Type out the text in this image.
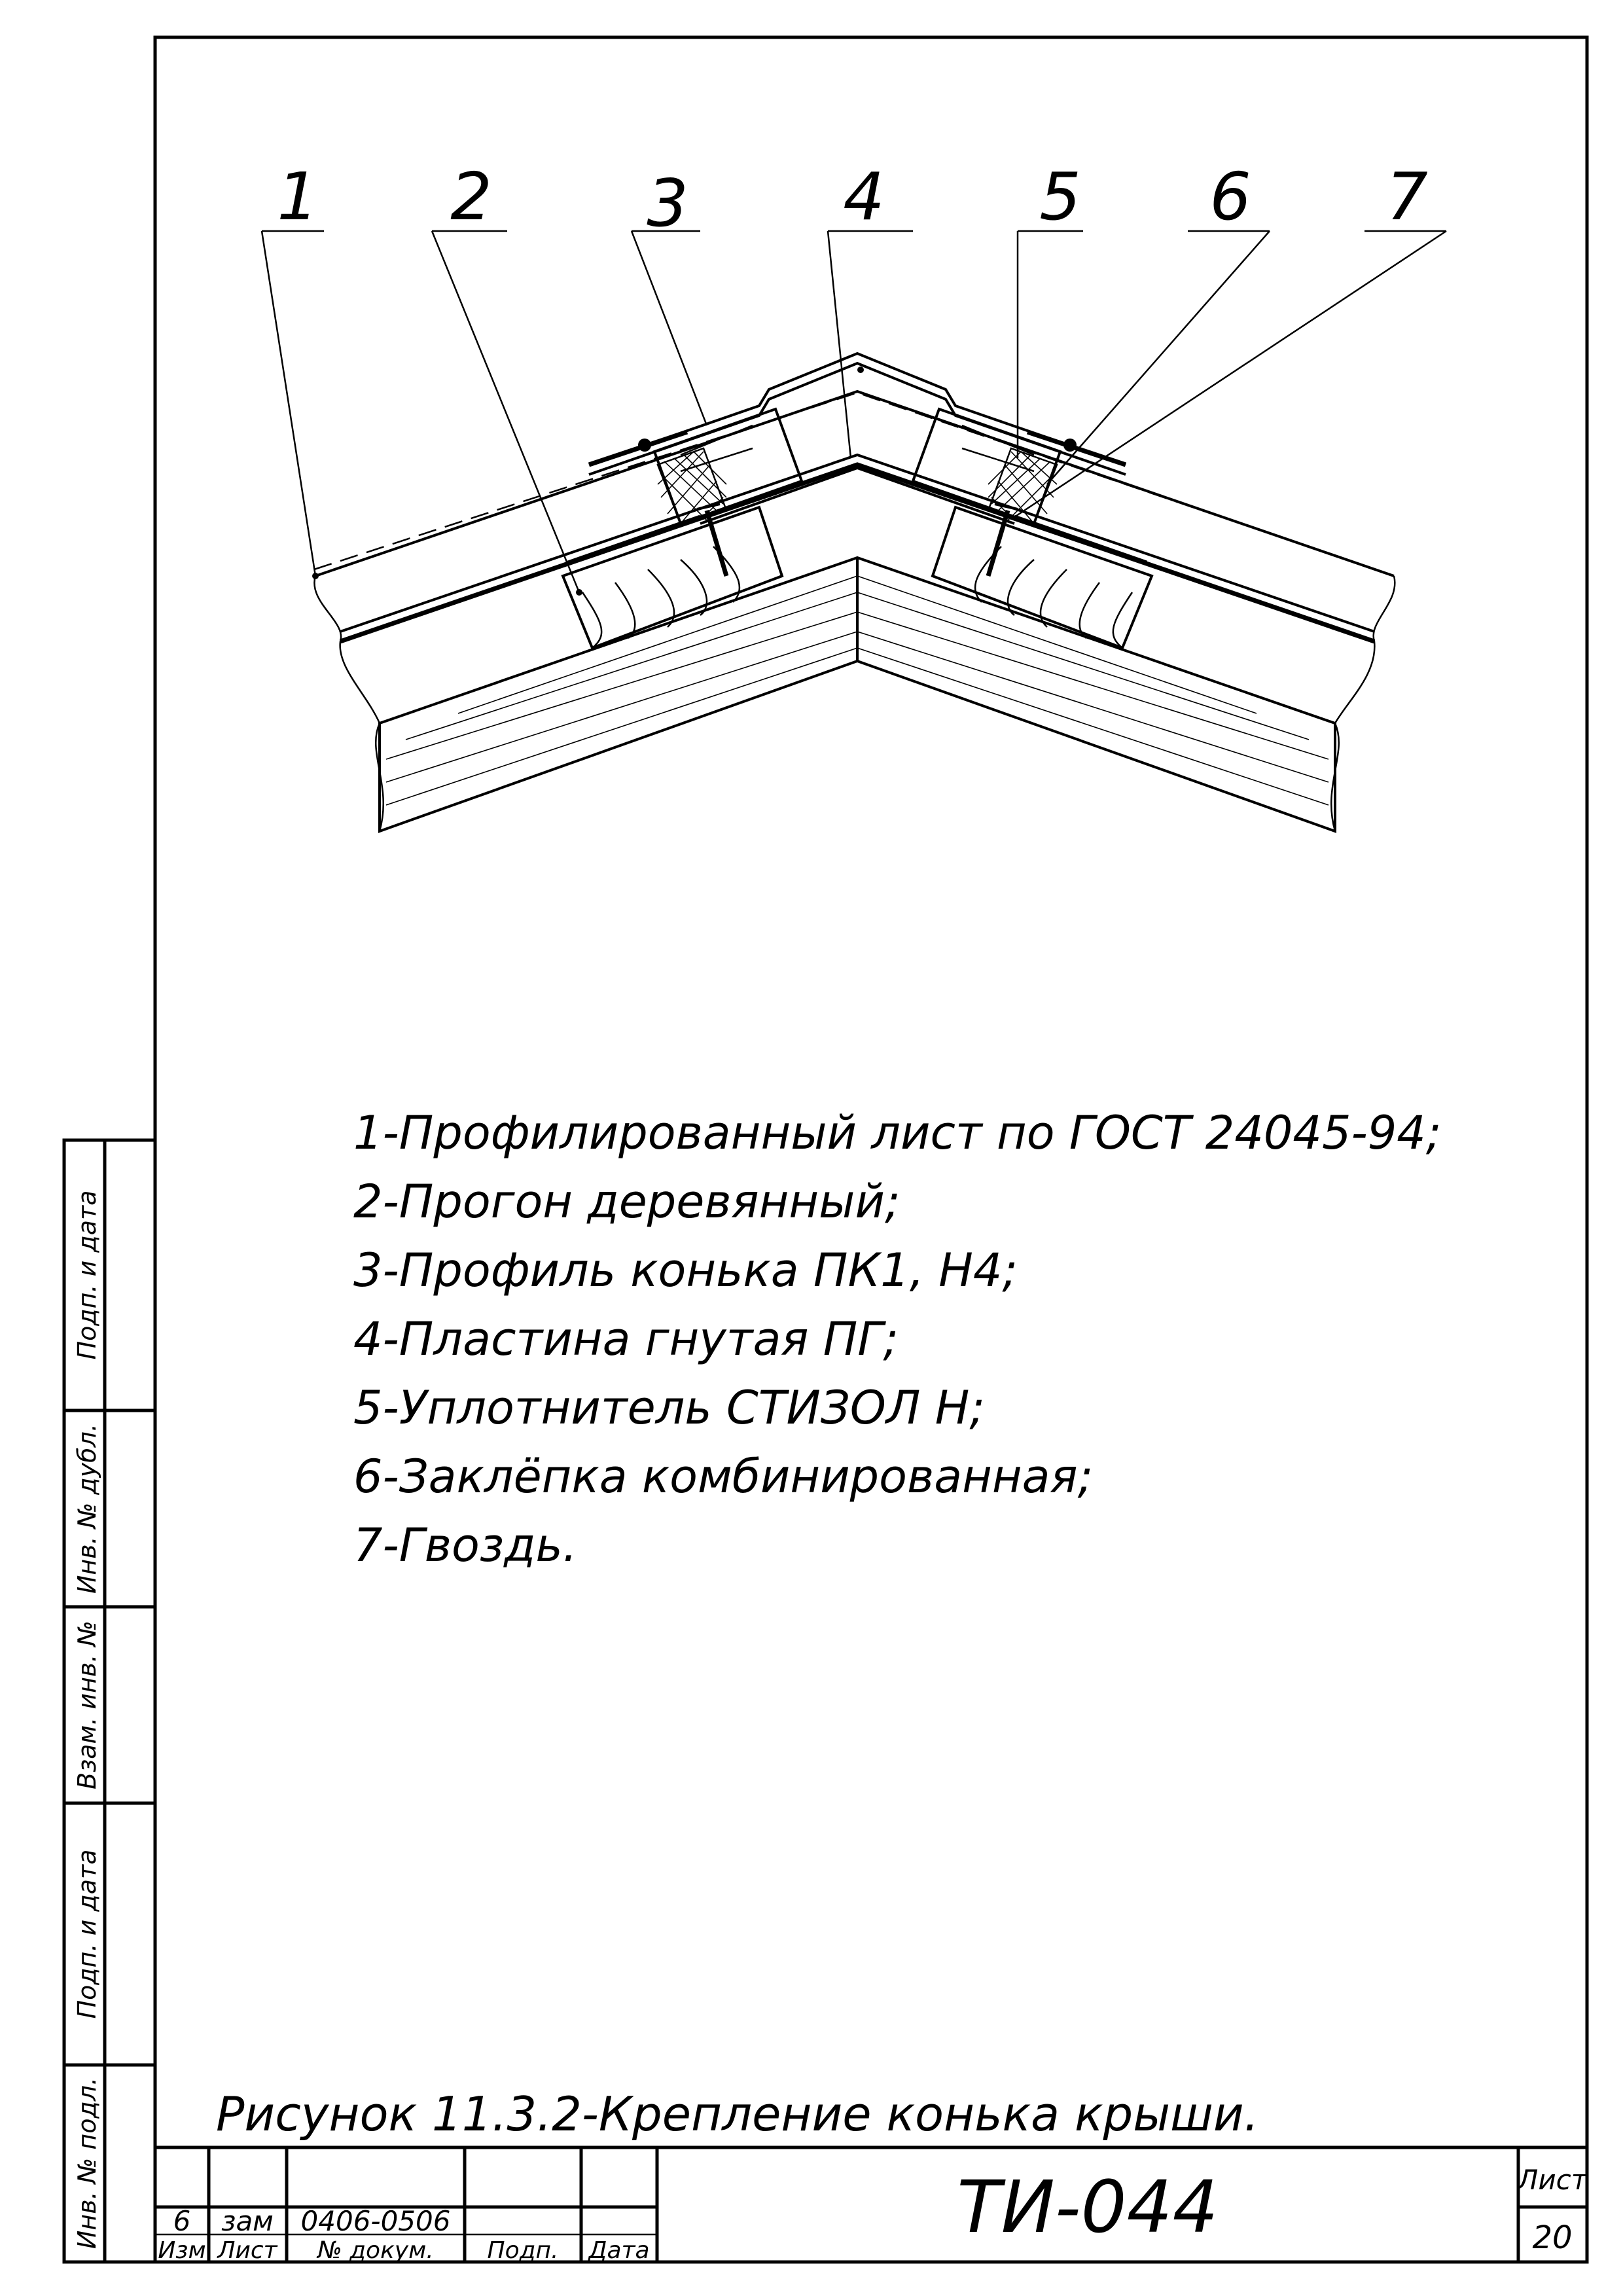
Подп. и дата
Инв. № дубл.
Взам. инв. №
Подп. и дата
Инв. № подл.
1 2 3 4 5 6 7
1-Профилированный лист по ГОСТ 24045-94;
2-Прогон деревянный;
3-Профиль конька ПК1, Н4;
4-Пластина гнутая ПГ;
5-Уплотнитель СТИЗОЛ Н;
6-Заклёпка комбинированная;
7-Гвоздь.
Рисунок 11.3.2-Крепление конька крыши.
6 зам 0406-0506
Изм Лист № докум. Подп. Дата
ТИ-044	Лист
20
